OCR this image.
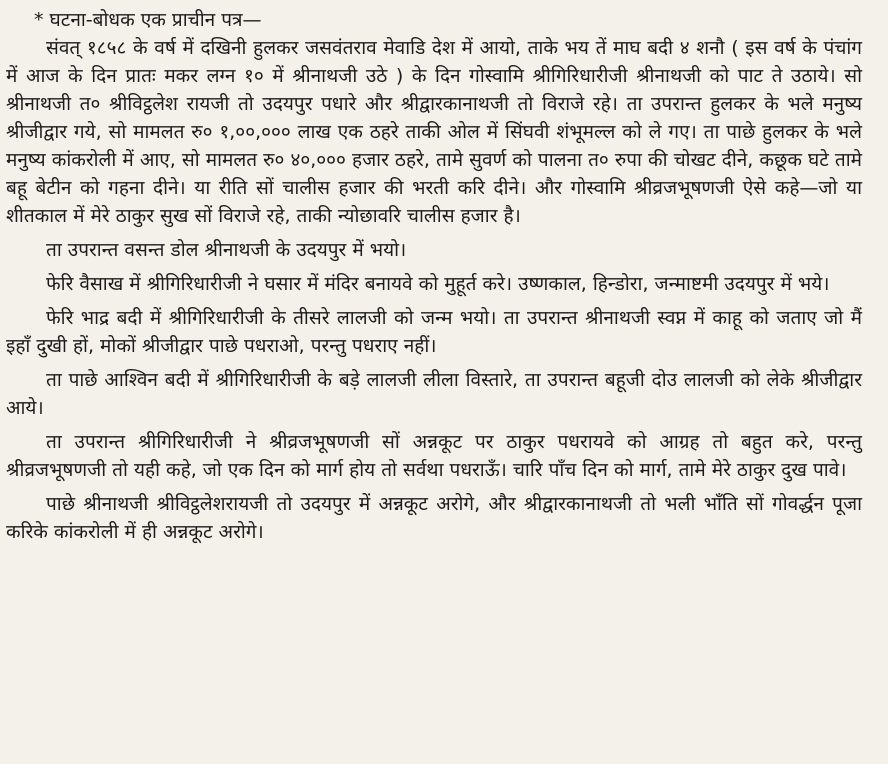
* घटना-बोधक एक प्राचीन पत्र—

संवत् १८५८ के वर्ष में दखिनी हुलकर जसवंतराव मेवाडि देश में आयो, ताके भय तें माघ बदी ४ शनौ ( इस वर्ष के पंचांग में आज के दिन प्रातः मकर लग्न १० में श्रीनाथजी उठे ) के दिन गोस्वामि श्रीगिरिधारीजी श्रीनाथजी को पाट ते उठाये। सो श्रीनाथजी त० श्रीविट्ठलेश रायजी तो उदयपुर पधारे और श्रीद्वारकानाथजी तो विराजे रहे। ता उपरान्त हुलकर के भले मनुष्य श्रीजीद्वार गये, सो मामलत रु० १,००,००० लाख एक ठहरे ताकी ओल में सिंघवी शंभूमल्ल को ले गए। ता पाछे हुलकर के भले मनुष्य कांकरोली में आए, सो मामलत रु० ४०,००० हजार ठहरे, तामे सुवर्ण को पालना त० रुपा की चोखट दीने, कछूक घटे तामे बहू बेटीन को गहना दीने। या रीति सों चालीस हजार की भरती करि दीने। और गोस्वामि श्रीव्रजभूषणजी ऐसे कहे—जो या शीतकाल में मेरे ठाकुर सुख सों विराजे रहे, ताकी न्योछावरि चालीस हजार है।

ता उपरान्त वसन्त डोल श्रीनाथजी के उदयपुर में भयो।

फेरि वैसाख में श्रीगिरिधारीजी ने घसार में मंदिर बनायवे को मुहूर्त करे। उष्णकाल, हिन्डोरा, जन्माष्टमी उदयपुर में भये।

फेरि भाद्र बदी में श्रीगिरिधारीजी के तीसरे लालजी को जन्म भयो। ता उपरान्त श्रीनाथजी स्वप्न में काहू को जताए जो मैं इहाँ दुखी हों, मोकों श्रीजीद्वार पाछे पधराओ, परन्तु पधराए नहीं।

ता पाछे आश्विन बदी में श्रीगिरिधारीजी के बड़े लालजी लीला विस्तारे, ता उपरान्त बहूजी दोउ लालजी को लेके श्रीजीद्वार आये।

ता उपरान्त श्रीगिरिधारीजी ने श्रीव्रजभूषणजी सों अन्नकूट पर ठाकुर पधरायवे को आग्रह तो बहुत करे, परन्तु श्रीव्रजभूषणजी तो यही कहे, जो एक दिन को मार्ग होय तो सर्वथा पधराऊँ। चारि पाँच दिन को मार्ग, तामे मेरे ठाकुर दुख पावे।

पाछे श्रीनाथजी श्रीविट्ठलेशरायजी तो उदयपुर में अन्नकूट अरोगे, और श्रीद्वारकानाथजी तो भली भाँति सों गोवर्द्धन पूजा करिके कांकरोली में ही अन्नकूट अरोगे।
